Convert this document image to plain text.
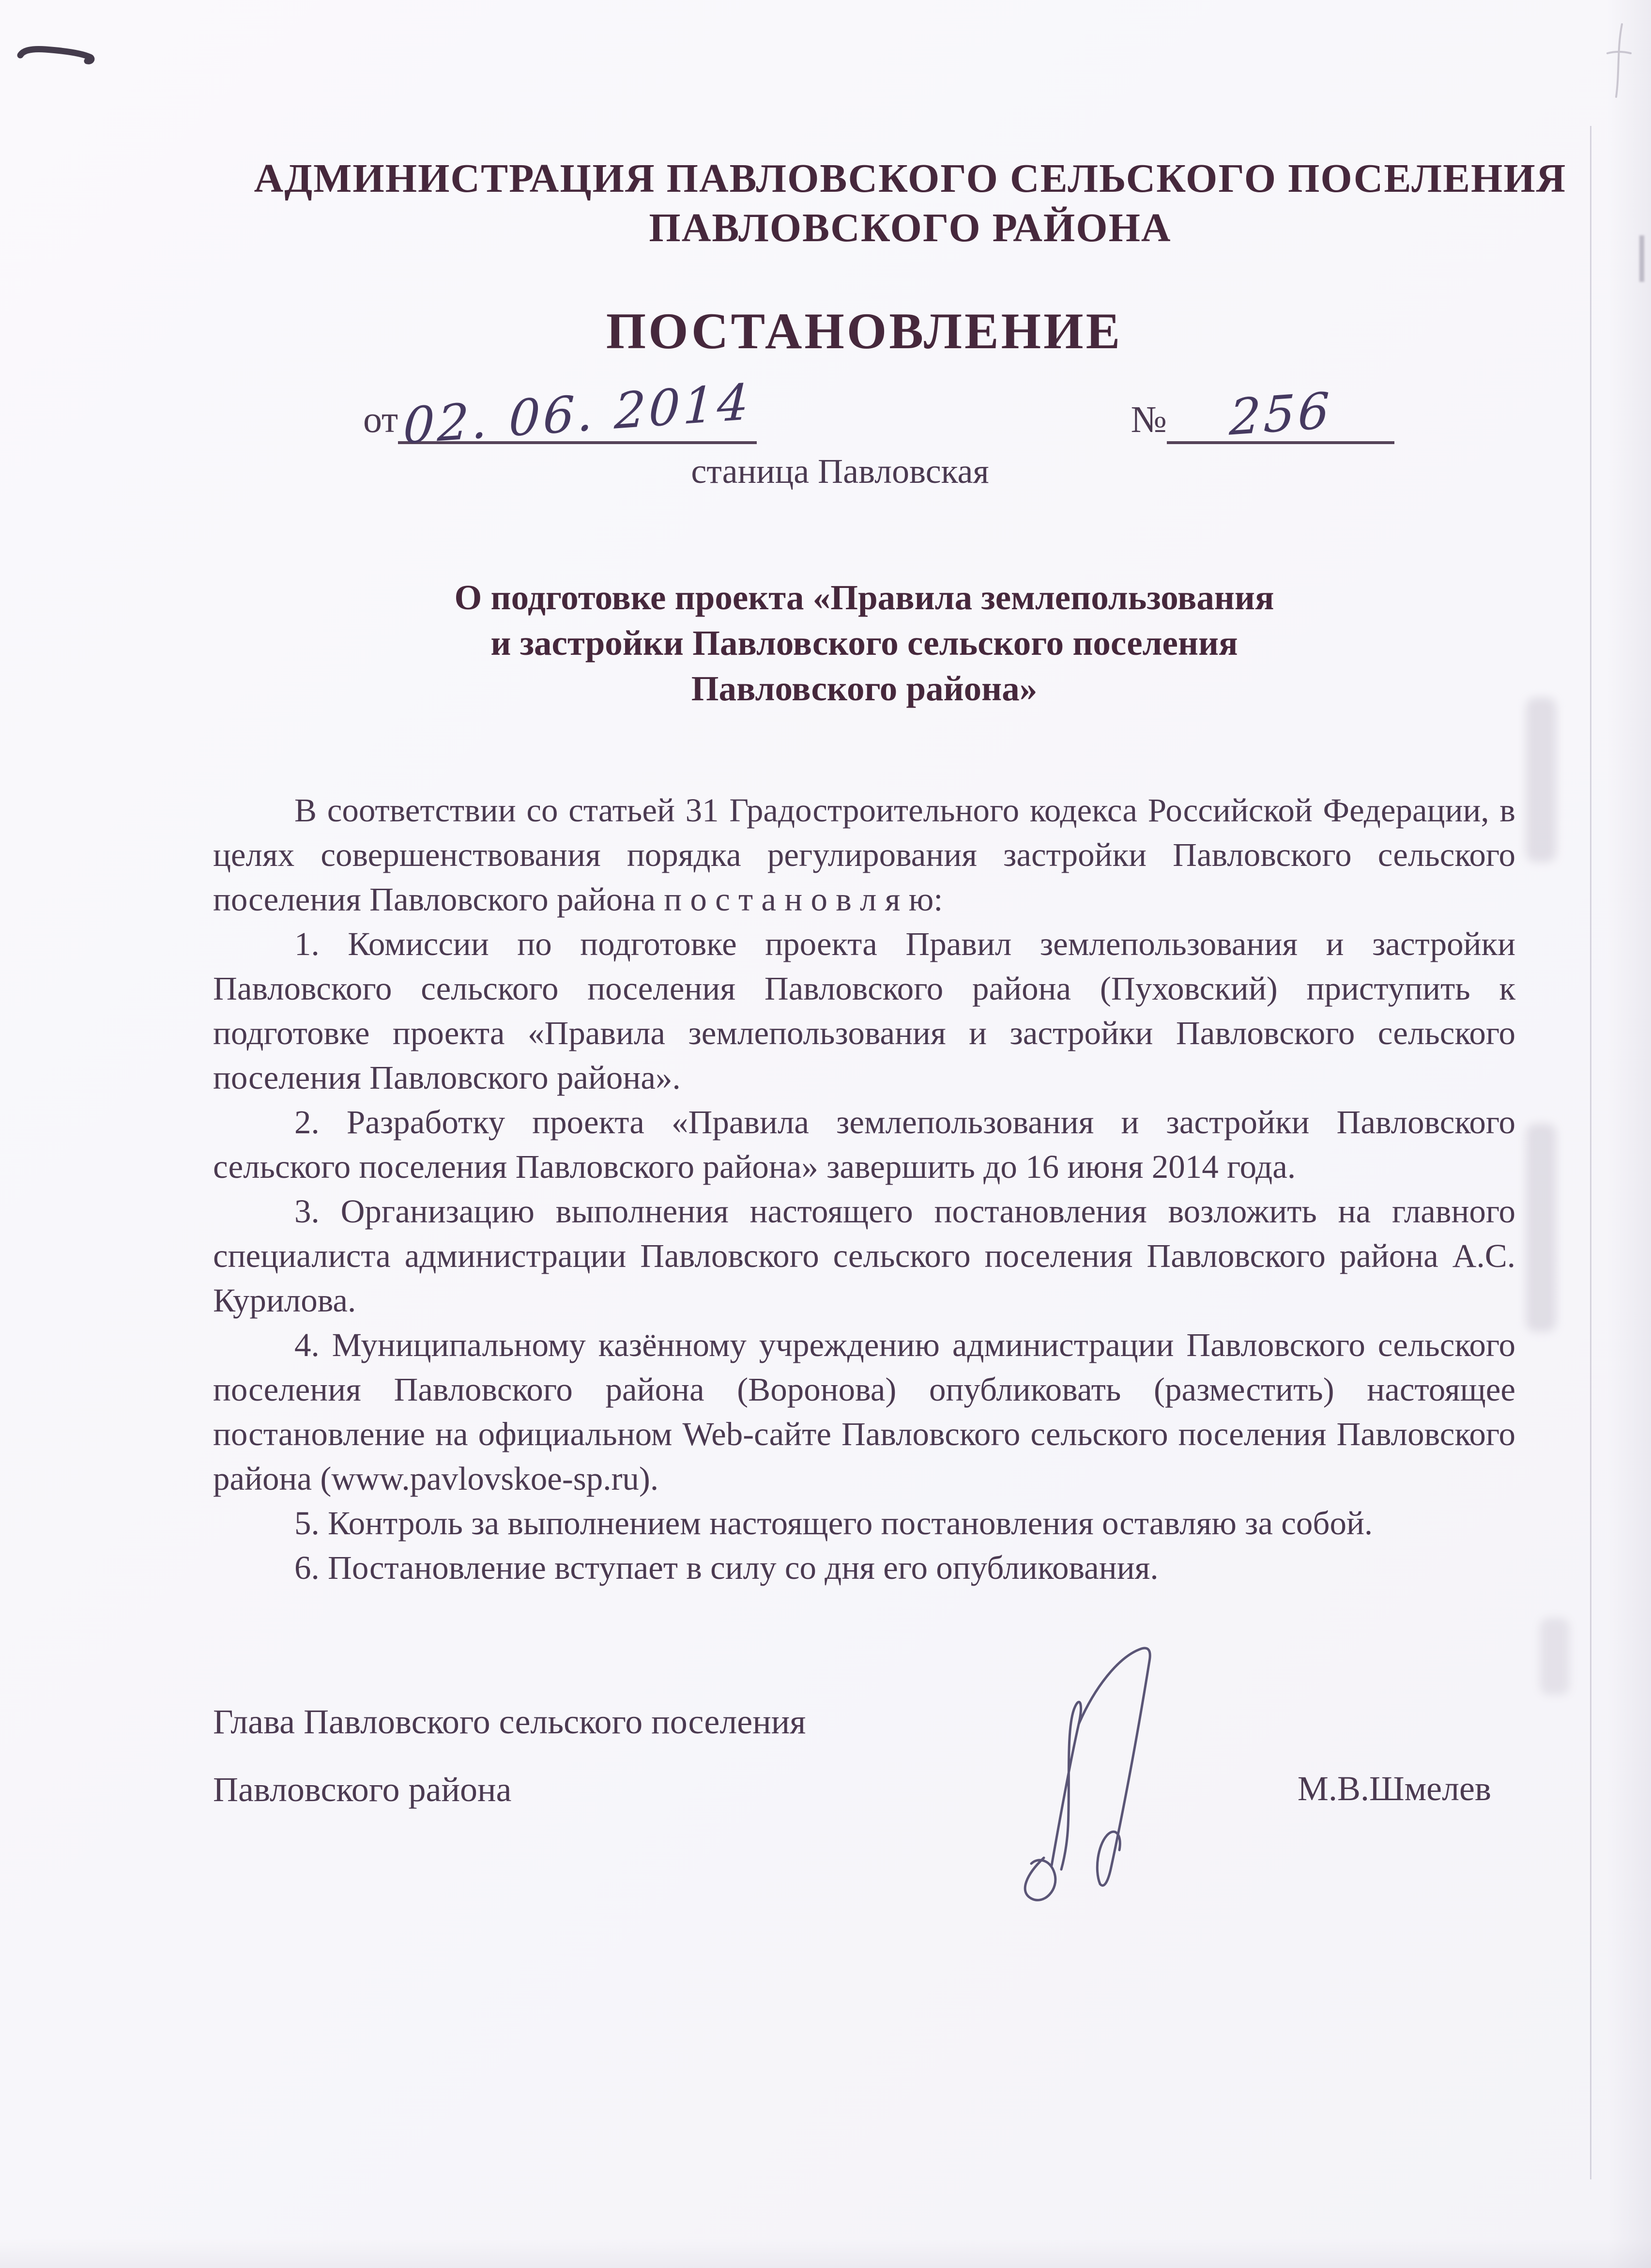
АДМИНИСТРАЦИЯ ПАВЛОВСКОГО СЕЛЬСКОГО ПОСЕЛЕНИЯ
ПАВЛОВСКОГО РАЙОНА
ПОСТАНОВЛЕНИЕ
от 02. 06. 2014	№	256
станица Павловская
О подготовке проекта «Правила землепользования
и застройки Павловского сельского поселения
Павловского района»

В соответствии со статьей 31 Градостроительного кодекса Российской Федерации, в целях совершенствования порядка регулирования застройки Павловского сельского поселения Павловского района п о с т а н о в л я ю:

1. Комиссии по подготовке проекта Правил землепользования и застройки Павловского сельского поселения Павловского района (Пуховский) приступить к подготовке проекта «Правила землепользования и застройки Павловского сельского поселения Павловского района».

2. Разработку проекта «Правила землепользования и застройки Павловского сельского поселения Павловского района» завершить до 16 июня 2014 года.

3. Организацию выполнения настоящего постановления возложить на главного специалиста администрации Павловского сельского поселения Павловского района А.С. Курилова.

4. Муниципальному казённому учреждению администрации Павловского сельского поселения Павловского района (Воронова) опубликовать (разместить) настоящее постановление на официальном Web-сайте Павловского сельского поселения Павловского района (www.pavlovskoe-sp.ru).

5. Контроль за выполнением настоящего постановления оставляю за собой.

6. Постановление вступает в силу со дня его опубликования.

Глава Павловского сельского поселения
Павловского района	М.В.Шмелев
